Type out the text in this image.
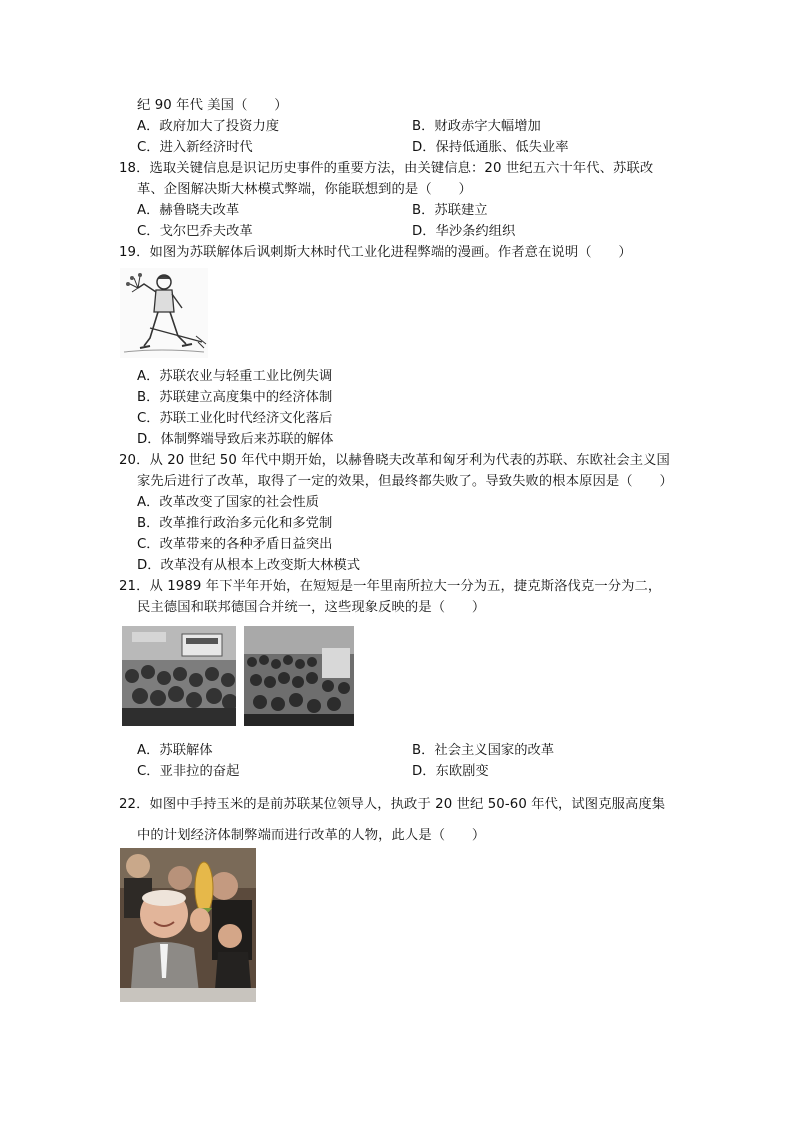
纪 90 年代 美国（　　）
A．政府加大了投资力度	B．财政赤字大幅增加
C．进入新经济时代	D．保持低通胀、低失业率
18．选取关键信息是识记历史事件的重要方法，由关键信息：20 世纪五六十年代、苏联改
革、企图解决斯大林模式弊端，你能联想到的是（　　）
A．赫鲁晓夫改革	B．苏联建立
C．戈尔巴乔夫改革	D．华沙条约组织
19．如图为苏联解体后讽刺斯大林时代工业化进程弊端的漫画。作者意在说明（　　）
A．苏联农业与轻重工业比例失调
B．苏联建立高度集中的经济体制
C．苏联工业化时代经济文化落后
D．体制弊端导致后来苏联的解体
20．从 20 世纪 50 年代中期开始，以赫鲁晓夫改革和匈牙利为代表的苏联、东欧社会主义国
家先后进行了改革，取得了一定的效果，但最终都失败了。导致失败的根本原因是（　　）
A．改革改变了国家的社会性质
B．改革推行政治多元化和多党制
C．改革带来的各种矛盾日益突出
D．改革没有从根本上改变斯大林模式
21．从 1989 年下半年开始，在短短是一年里南所拉大一分为五，捷克斯洛伐克一分为二，
民主德国和联邦德国合并统一，这些现象反映的是（　　）
A．苏联解体	B．社会主义国家的改革
C．亚非拉的奋起	D．东欧剧变
22．如图中手持玉米的是前苏联某位领导人，执政于 20 世纪 50-60 年代，试图克服高度集
中的计划经济体制弊端而进行改革的人物，此人是（　　）
